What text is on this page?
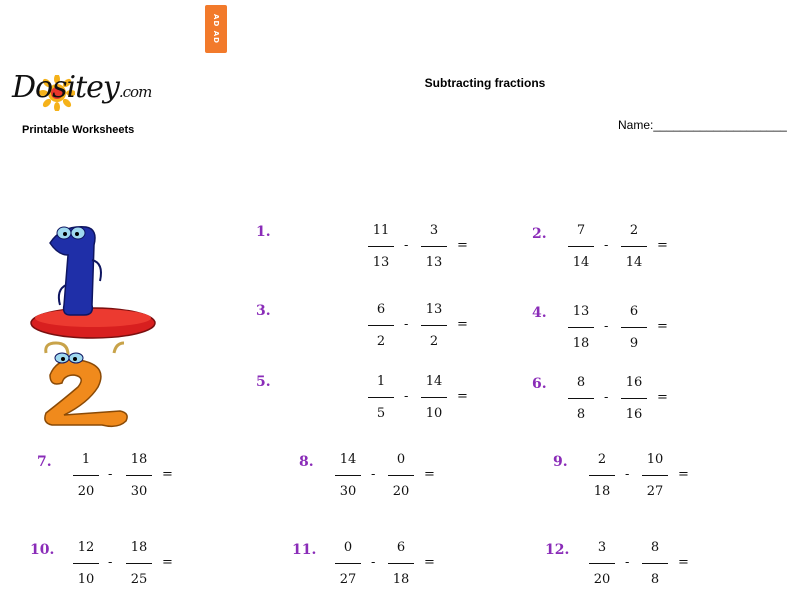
AD AD
Dositey.com
Printable Worksheets
Subtracting fractions
Name:____________________
1.	11
13
-
3
13
=
2.	7
14
-
2
14
=
3.	6
2
-
13
2
=
4.	13
18
-
6
9
=
5.	1
5
-
14
10
=
6.	8
8
-
16
16
=
7.	1
20
-
18
30
=
8.	14
30
-
0
20
=
9.	2
18
-
10
27
=
10.	12
10
-
18
25
=
11.	0
27
-
6
18
=
12.	3
20
-
8
8
=
